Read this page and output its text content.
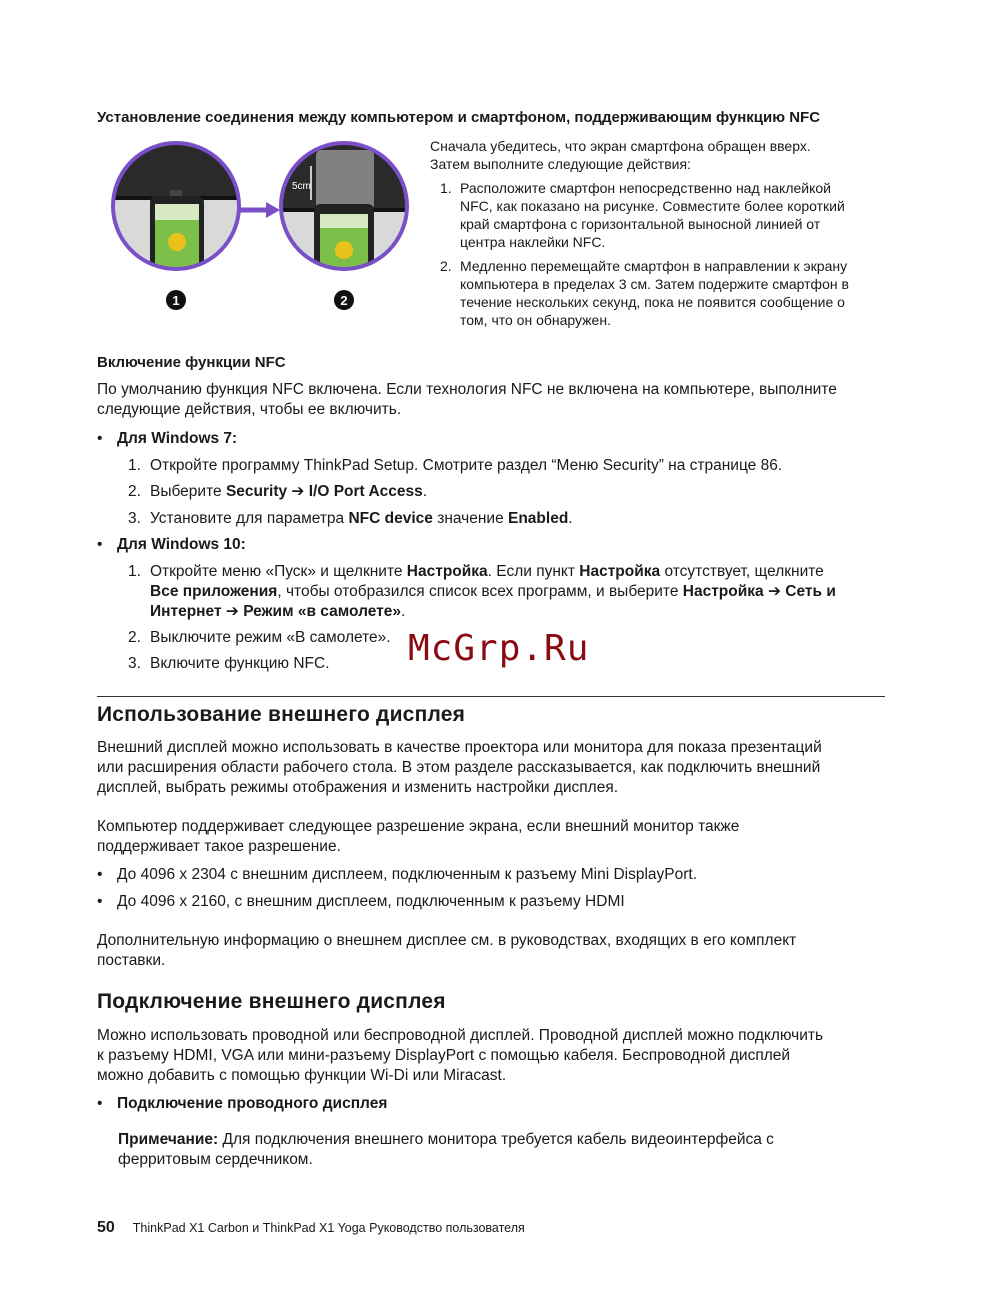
Установление соединения между компьютером и смартфоном, поддерживающим функцию NFC
5cm
1	2
Сначала убедитесь, что экран смартфона обращен вверх.
Затем выполните следующие действия:
1. Расположите смартфон непосредственно над наклейкой
NFC, как показано на рисунке. Совместите более короткий
край смартфона с горизонтальной выносной линией от
центра наклейки NFC.
2. Медленно перемещайте смартфон в направлении к экрану
компьютера в пределах 3 см. Затем подержите смартфон в
течение нескольких секунд, пока не появится сообщение о
том, что он обнаружен.
Включение функции NFC
По умолчанию функция NFC включена. Если технология NFC не включена на компьютере, выполните
следующие действия, чтобы ее включить.
• Для Windows 7:
1. Откройте программу ThinkPad Setup. Смотрите раздел “Меню Security” на странице 86.
2. Выберите Security ➔ I/O Port Access.
3. Установите для параметра NFC device значение Enabled.
• Для Windows 10:
1. Откройте меню «Пуск» и щелкните Настройка. Если пункт Настройка отсутствует, щелкните
Все приложения, чтобы отобразился список всех программ, и выберите Настройка ➔ Сеть и
Интернет ➔ Режим «в самолете».
2. Выключите режим «В самолете».
3. Включите функцию NFC. McGrp.Ru
Использование внешнего дисплея
Внешний дисплей можно использовать в качестве проектора или монитора для показа презентаций
или расширения области рабочего стола. В этом разделе рассказывается, как подключить внешний
дисплей, выбрать режимы отображения и изменить настройки дисплея.
Компьютер поддерживает следующее разрешение экрана, если внешний монитор также
поддерживает такое разрешение.
• До 4096 x 2304 с внешним дисплеем, подключенным к разъему Mini DisplayPort.
• До 4096 x 2160, с внешним дисплеем, подключенным к разъему HDMI
Дополнительную информацию о внешнем дисплее см. в руководствах, входящих в его комплект
поставки.
Подключение внешнего дисплея
Можно использовать проводной или беспроводной дисплей. Проводной дисплей можно подключить
к разъему HDMI, VGA или мини-разъему DisplayPort с помощью кабеля. Беспроводной дисплей
можно добавить с помощью функции Wi-Di или Miracast.
• Подключение проводного дисплея
Примечание: Для подключения внешнего монитора требуется кабель видеоинтерфейса с
ферритовым сердечником.
50 ThinkPad X1 Carbon и ThinkPad X1 Yoga Руководство пользователя
